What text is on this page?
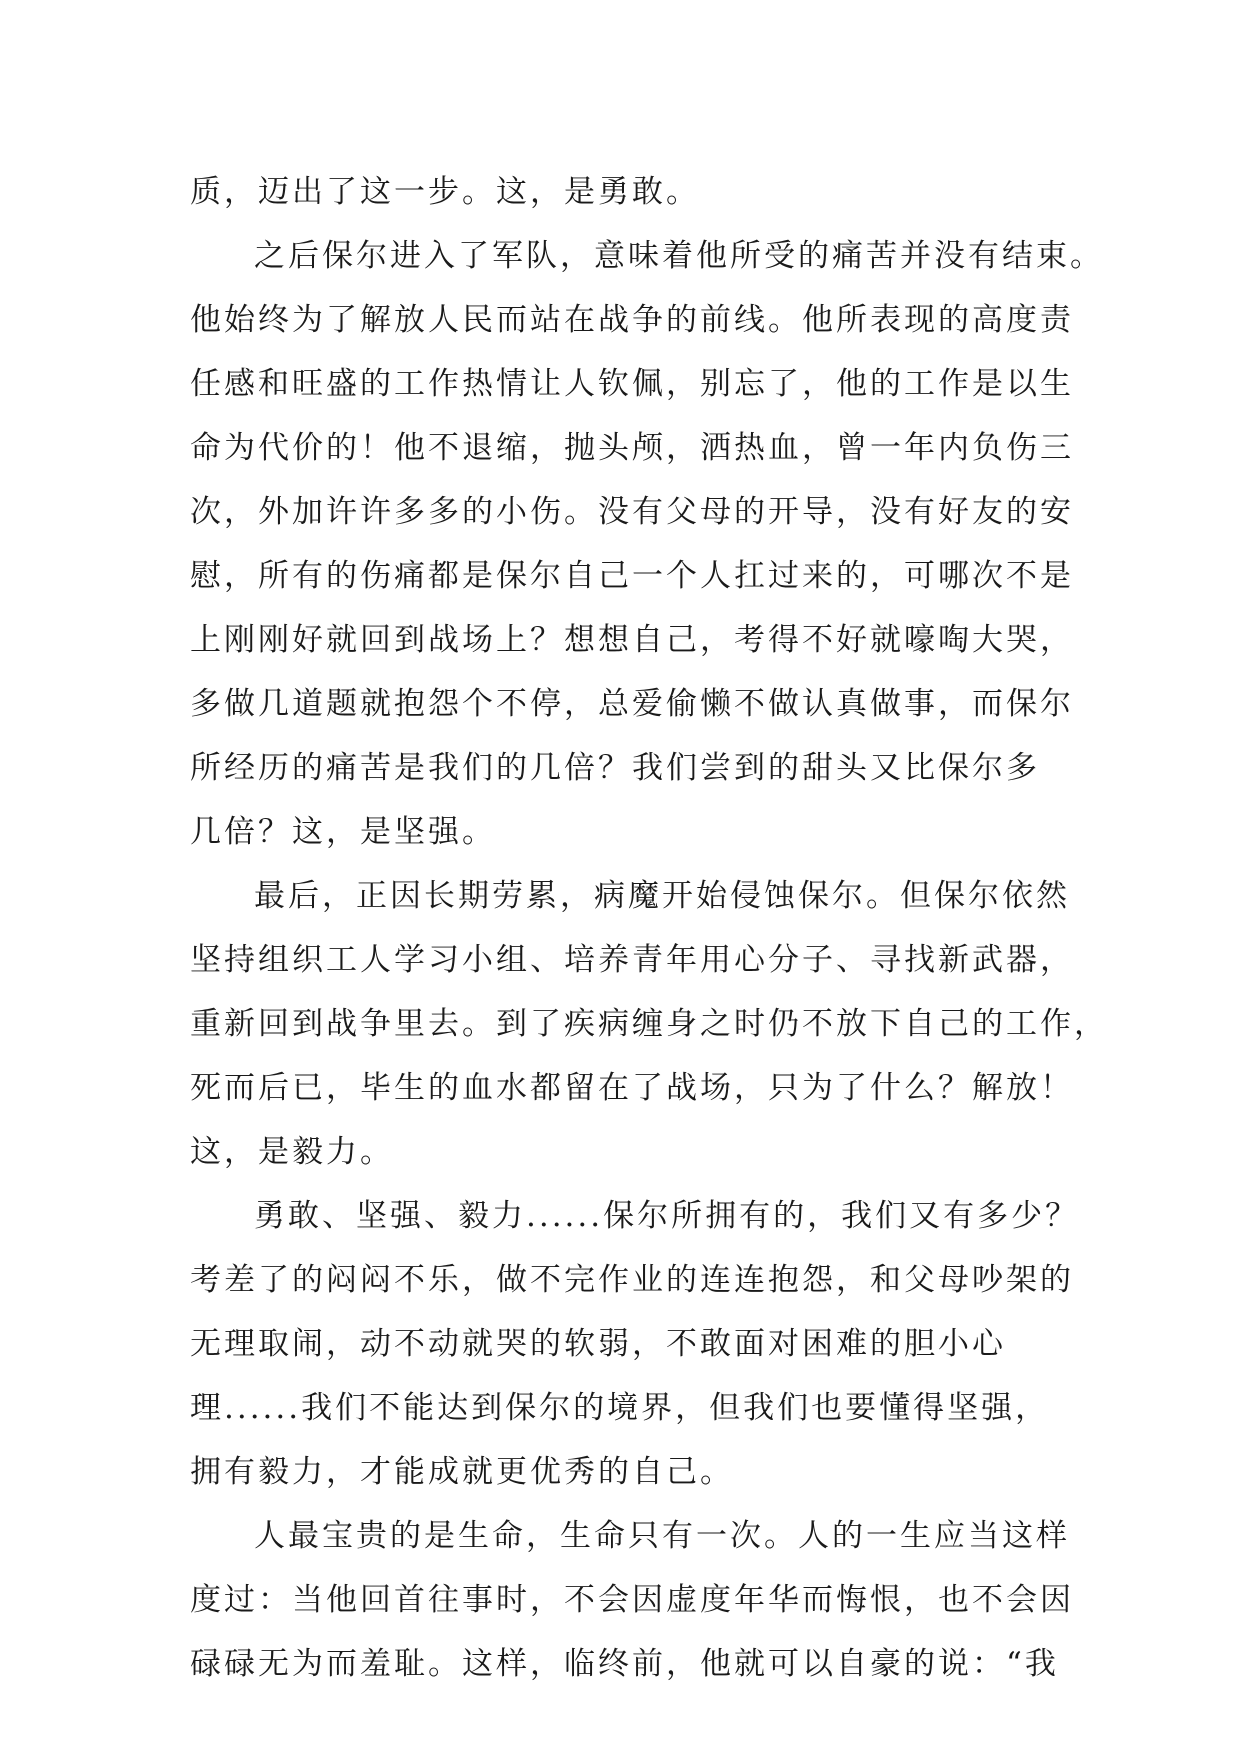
质，迈出了这一步。这，是勇敢。
之后保尔进入了军队，意味着他所受的痛苦并没有结束。
他始终为了解放人民而站在战争的前线。他所表现的高度责
任感和旺盛的工作热情让人钦佩，别忘了，他的工作是以生
命为代价的！他不退缩，抛头颅，洒热血，曾一年内负伤三
次，外加许许多多的小伤。没有父母的开导，没有好友的安
慰，所有的伤痛都是保尔自己一个人扛过来的，可哪次不是
上刚刚好就回到战场上？想想自己，考得不好就嚎啕大哭，
多做几道题就抱怨个不停，总爱偷懒不做认真做事，而保尔
所经历的痛苦是我们的几倍？我们尝到的甜头又比保尔多
几倍？这，是坚强。
最后，正因长期劳累，病魔开始侵蚀保尔。但保尔依然
坚持组织工人学习小组、培养青年用心分子、寻找新武器，
重新回到战争里去。到了疾病缠身之时仍不放下自己的工作，
死而后已，毕生的血水都留在了战场，只为了什么？解放！
这，是毅力。
勇敢、坚强、毅力......保尔所拥有的，我们又有多少？
考差了的闷闷不乐，做不完作业的连连抱怨，和父母吵架的
无理取闹，动不动就哭的软弱，不敢面对困难的胆小心
理......我们不能达到保尔的境界，但我们也要懂得坚强，
拥有毅力，才能成就更优秀的自己。
人最宝贵的是生命，生命只有一次。人的一生应当这样
度过：当他回首往事时，不会因虚度年华而悔恨，也不会因
碌碌无为而羞耻。这样，临终前，他就可以自豪的说：“我
